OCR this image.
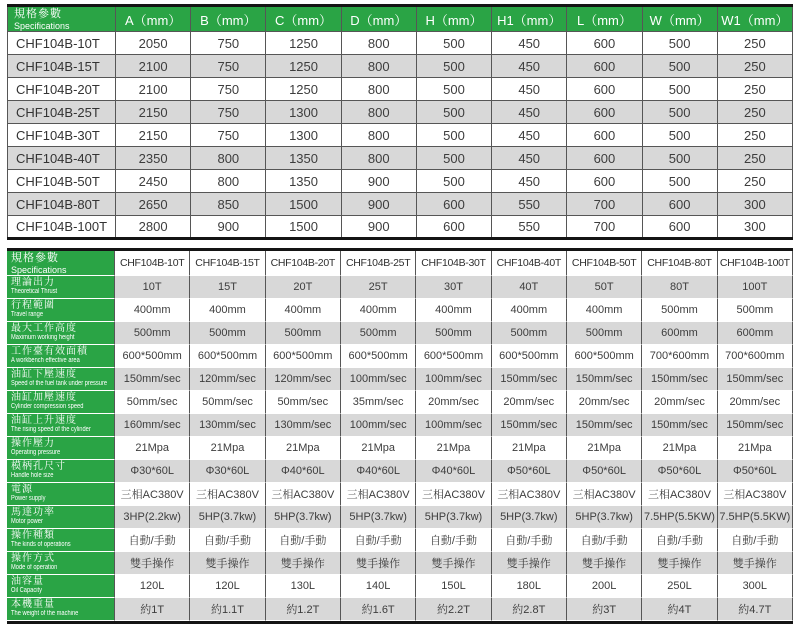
規格參數
Specifications	A（mm）	B（mm）	C（mm）	D（mm）	H（mm）	H1（mm）	L（mm）	W（mm）	W1（mm）
CHF104B-10T	2050	750	1250	800	500	450	600	500	250
CHF104B-15T	2100	750	1250	800	500	450	600	500	250
CHF104B-20T	2100	750	1250	800	500	450	600	500	250
CHF104B-25T	2150	750	1300	800	500	450	600	500	250
CHF104B-30T	2150	750	1300	800	500	450	600	500	250
CHF104B-40T	2350	800	1350	800	500	450	600	500	250
CHF104B-50T	2450	800	1350	900	500	450	600	500	250
CHF104B-80T	2650	850	1500	900	600	550	700	600	300
CHF104B-100T	2800	900	1500	900	600	550	700	600	300
規格參數
Specifications	CHF104B-10T	CHF104B-15T	CHF104B-20T	CHF104B-25T	CHF104B-30T	CHF104B-40T	CHF104B-50T	CHF104B-80T	CHF104B-100T

理論出力
Theoretical Thrust	10T	15T	20T	25T	30T	40T	50T	80T	100T

行程範圍
Travel range	400mm	400mm	400mm	400mm	400mm	400mm	400mm	500mm	500mm

最大工作高度
Maximum working height	500mm	500mm	500mm	500mm	500mm	500mm	500mm	600mm	600mm

工作臺有效面積
A workbench effective area	600*500mm	600*500mm	600*500mm	600*500mm	600*500mm	600*500mm	600*500mm	700*600mm	700*600mm

油缸下壓速度
Speed of the fuel tank under pressure	150mm/sec	120mm/sec	120mm/sec	100mm/sec	100mm/sec	150mm/sec	150mm/sec	150mm/sec	150mm/sec

油缸加壓速度
Cylinder compression speed	50mm/sec	50mm/sec	50mm/sec	35mm/sec	20mm/sec	20mm/sec	20mm/sec	20mm/sec	20mm/sec

油缸上升速度
The rising speed of the cylinder	160mm/sec	130mm/sec	130mm/sec	100mm/sec	100mm/sec	150mm/sec	150mm/sec	150mm/sec	150mm/sec

操作壓力
Operating pressure	21Mpa	21Mpa	21Mpa	21Mpa	21Mpa	21Mpa	21Mpa	21Mpa	21Mpa

模柄孔尺寸
Handle hole size	Φ30*60L	Φ30*60L	Φ40*60L	Φ40*60L	Φ40*60L	Φ50*60L	Φ50*60L	Φ50*60L	Φ50*60L

電源
Power supply	三相AC380V	三相AC380V	三相AC380V	三相AC380V	三相AC380V	三相AC380V	三相AC380V	三相AC380V	三相AC380V

馬達功率
Motor power	3HP(2.2kw)	5HP(3.7kw)	5HP(3.7kw)	5HP(3.7kw)	5HP(3.7kw)	5HP(3.7kw)	5HP(3.7kw)	7.5HP(5.5KW)	7.5HP(5.5KW)

操作種類
The kinds of operations	自動/手動	自動/手動	自動/手動	自動/手動	自動/手動	自動/手動	自動/手動	自動/手動	自動/手動

操作方式
Mode of operation	雙手操作	雙手操作	雙手操作	雙手操作	雙手操作	雙手操作	雙手操作	雙手操作	雙手操作

油容量
Oil Capacity	120L	120L	130L	140L	150L	180L	200L	250L	300L

本機重量
The weight of the machine	約1T	約1.1T	約1.2T	約1.6T	約2.2T	約2.8T	約3T	約4T	約4.7T
